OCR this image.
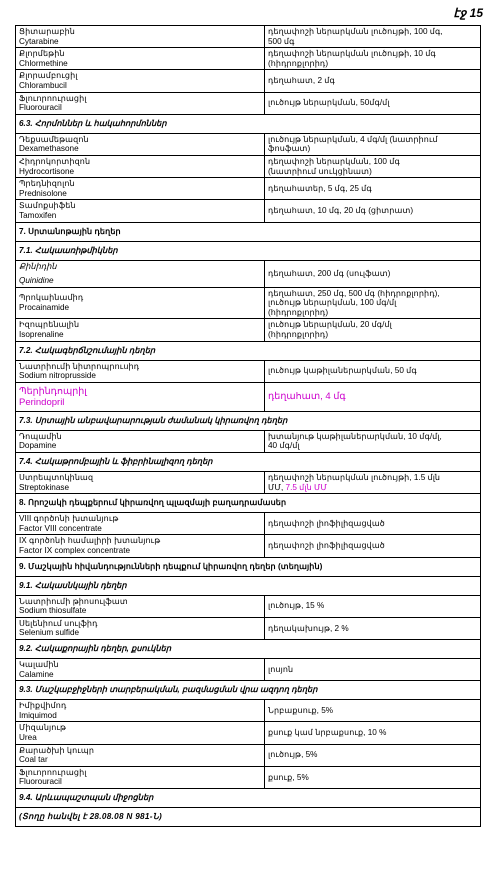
էջ 15
Ցիտարաբին
Cytarabine	դեղափոշի ներարկման լուծույթի, 100 մգ,
500 մգ

Քլորմեթին
Chlormethine	դեղափոշի ներարկման լուծույթի, 10 մգ
(հիդրոքլորիդ)

Քլորամբուցիլ
Chlorambucil	դեղահատ, 2 մգ

Ֆլուորոուրացիլ
Fluorouracil	լուծույթ ներարկման, 50մգ/մլ

6.3. Հորմոններ և հակահորմոններ	

Դեքսամեթազոն
Dexamethasone	լուծույթ ներարկման, 4 մգ/մլ (նատրիում
ֆոսֆատ)

Հիդրոկորտիզոն
Hydrocortisone	դեղափոշի ներարկման, 100 մգ
(նատրիում սուկցինատ)

Պրեդնիզոլոն
Prednisolone	դեղահատեր, 5 մգ, 25 մգ

Տամոքսիֆեն
Tamoxifen	դեղահատ, 10 մգ, 20 մգ (ցիտրատ)

7. Սրտանոթային դեղեր	
7.1. Հակաառիթմիկներ	

Քինիդին
Quinidine	դեղահատ, 200 մգ (սուլֆատ)

Պրոկաինամիդ
Procainamide	դեղահատ, 250 մգ, 500 մգ (հիդրոքլորիդ),
լուծույթ ներարկման, 100 մգ/մլ
(հիդրոքլորիդ)

Իզոպրենալին
Isoprenaline	լուծույթ ներարկման, 20 մգ/մլ
(հիդրոքլորիդ)

7.2. Հակագերճնշումային դեղեր	

Նատրիումի նիտրոպրուսիդ
Sodium nitroprusside	լուծույթ կաթիլաներարկման, 50 մգ

Պերինդոպրիլ
Perindopril	դեղահատ, 4 մգ

7.3. Սրտային անբավարարության ժամանակ կիրառվող դեղեր	

Դոպամին
Dopamine	խտանյութ կաթիլաներարկման, 10 մգ/մլ,
40 մգ/մլ

7.4. Հակաթրոմբային և ֆիբրինալիզող դեղեր	

Ստրեպտոկինազ
Streptokinase	դեղափոշի ներարկման լուծույթի, 1.5 մլն
ՄՄ, 7.5 մլն ՄՄ

8. Որոշակի դեպքերում կիրառվող պլազմայի բաղադրամասեր	

VIII գործոնի խտանյութ
Factor VIII concentrate	դեղափոշի լիոֆիլիզացված

IX գործոնի համալիրի խտանյութ
Factor IX complex concentrate	դեղափոշի լիոֆիլիզացված

9. Մաշկային հիվանդությունների դեպքում կիրառվող դեղեր (տեղային)	
9.1. Հակասնկային դեղեր	

Նատրիումի թիոսուլֆատ
Sodium thiosulfate	լուծույթ, 15 %

Սելենիում սուլֆիդ
Selenium sulfide	դեղակախույթ, 2 %

9.2. Հակաքորային դեղեր, քսուկներ	

Կալամին
Calamine	լոսյոն

9.3. Մաշկաբջիջների տարբերակման, բազմացման վրա ազդող դեղեր	

Իմիքվիմոդ
Imiquimod	Նրբաքսուք, 5%

Միզանյութ
Urea	քսուք կամ նրբաքսուք, 10 %

Քարածխի կուպր
Coal tar	լուծույթ, 5%

Ֆլուորոուրացիլ
Fluorouracil	քսուք, 5%

9.4. Արևապաշտպան միջոցներ	
(Տողը հանվել է 28.08.08 N 981-Ն)	
